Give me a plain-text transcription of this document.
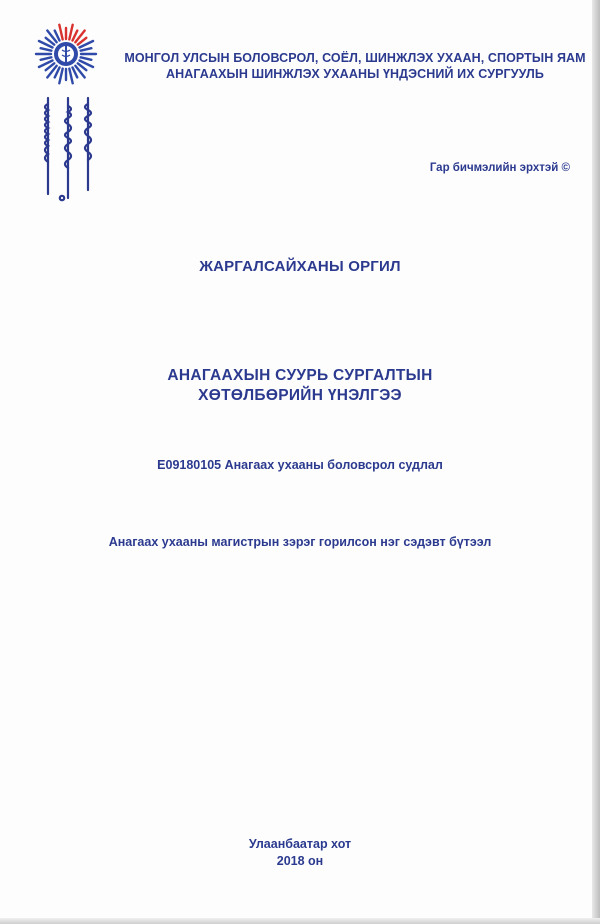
МОНГОЛ УЛСЫН БОЛОВСРОЛ, СОЁЛ, ШИНЖЛЭХ УХААН, СПОРТЫН ЯАМ
АНАГААХЫН ШИНЖЛЭХ УХААНЫ ҮНДЭСНИЙ ИХ СУРГУУЛЬ
Гар бичмэлийн эрхтэй ©
ЖАРГАЛСАЙХАНЫ ОРГИЛ
АНАГААХЫН СУУРЬ СУРГАЛТЫН
ХӨТӨЛБӨРИЙН ҮНЭЛГЭЭ
E09180105 Анагаах ухааны боловсрол судлал
Анагаах ухааны магистрын зэрэг горилсон нэг сэдэвт бүтээл
Улаанбаатар хот
2018 он
